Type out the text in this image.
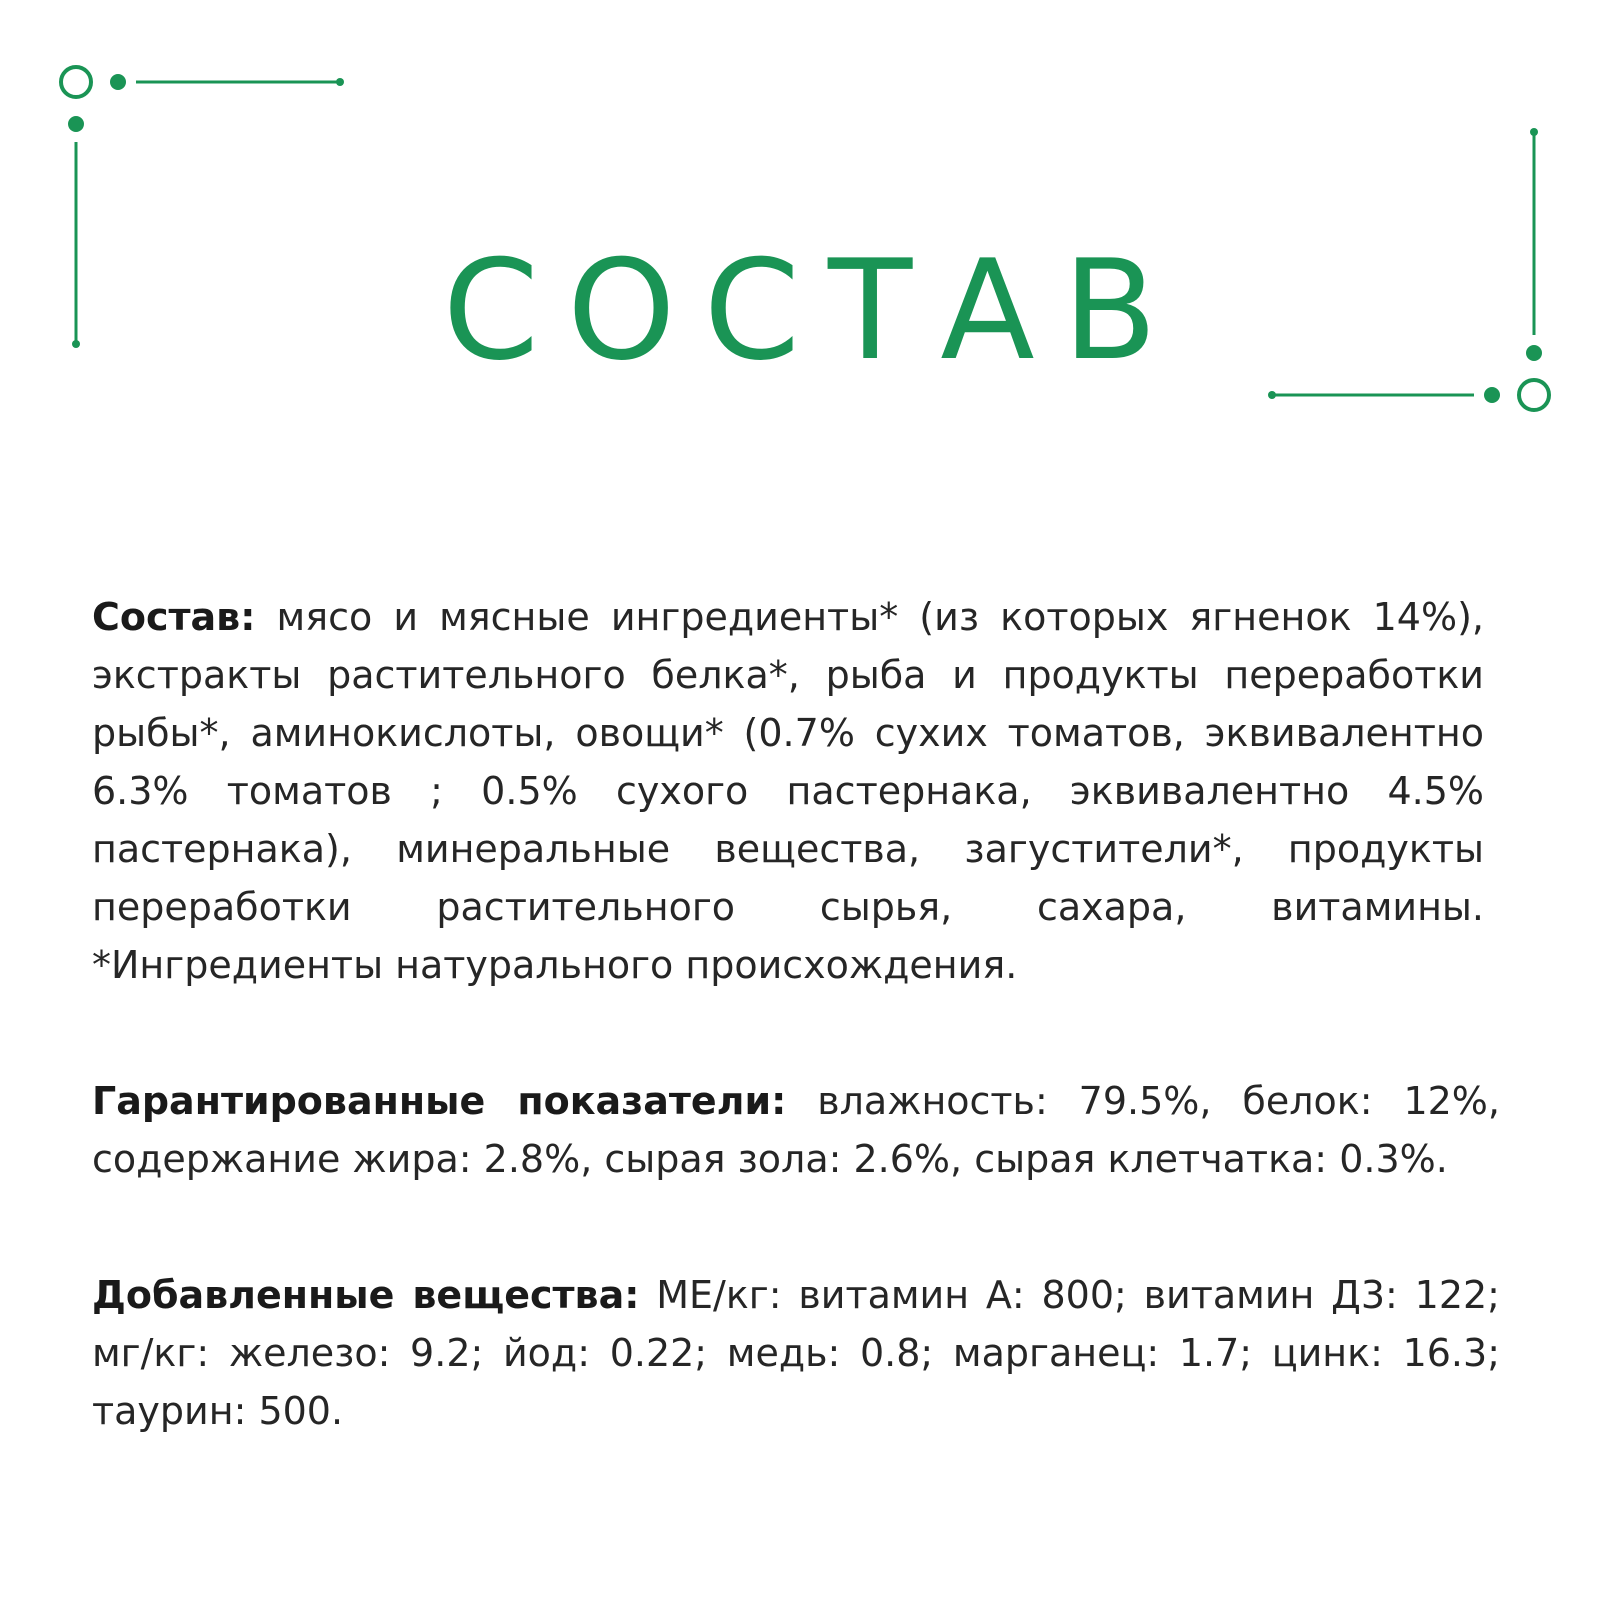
СОСТАВ

Состав: мясо и мясные ингредиенты* (из которых ягненок 14%), экстракты растительного белка*, рыба и продукты переработки рыбы*, аминокислоты, овощи* (0.7% сухих томатов, эквивалентно 6.3% томатов ; 0.5% сухого пастернака, эквивалентно 4.5% пастернака), минеральные вещества, загустители*, продукты переработки растительного сырья, сахара, витамины. *Ингредиенты натурального происхождения.

Гарантированные показатели: влажность: 79.5%, белок: 12%, содержание жира: 2.8%, сырая зола: 2.6%, сырая клетчатка: 0.3%.

Добавленные вещества: МЕ/кг: витамин А: 800; витамин Д3: 122; мг/кг: железо: 9.2; йод: 0.22; медь: 0.8; марганец: 1.7; цинк: 16.3; таурин: 500.
